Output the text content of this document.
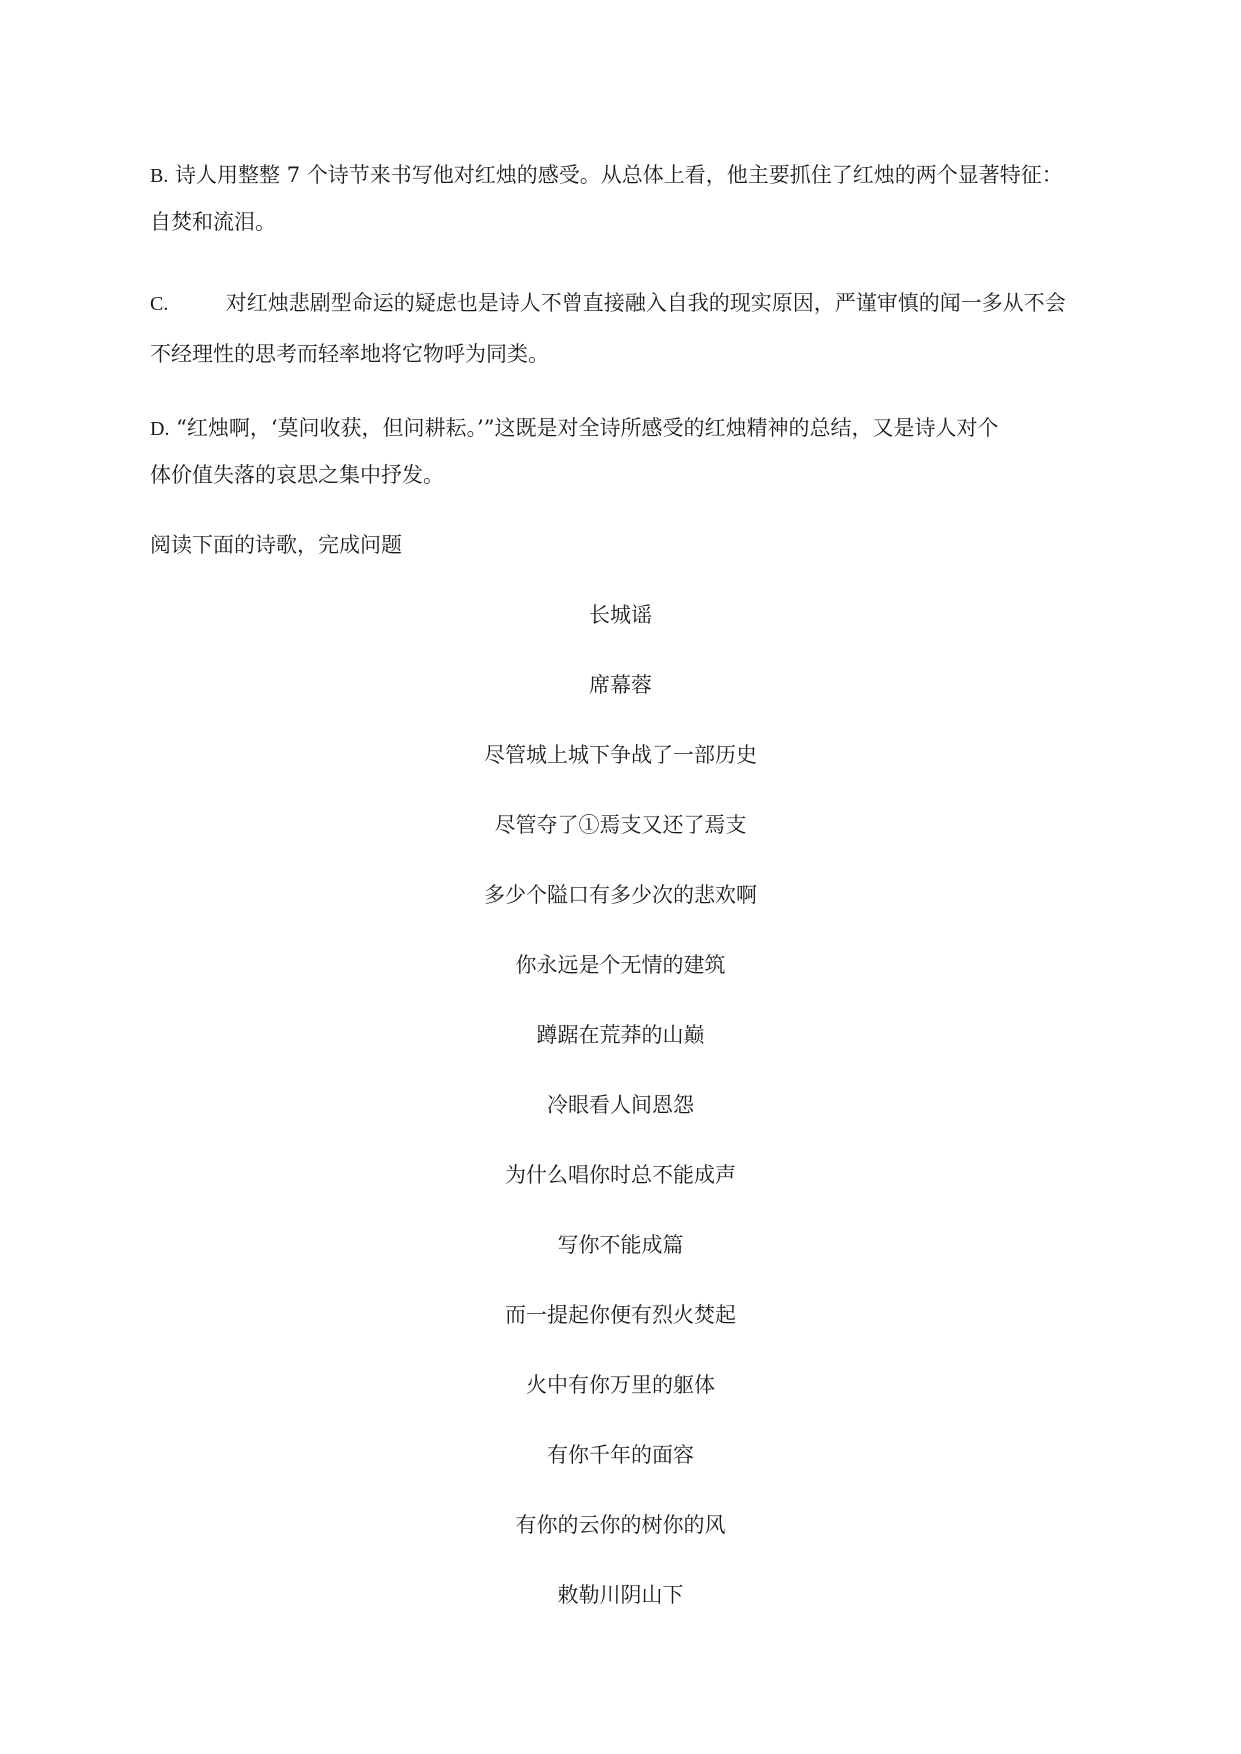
B. 诗人用整整 7 个诗节来书写他对红烛的感受。从总体上看，他主要抓住了红烛的两个显著特征：
自焚和流泪。
C.	对红烛悲剧型命运的疑虑也是诗人不曾直接融入自我的现实原因，严谨审慎的闻一多从不会
不经理性的思考而轻率地将它物呼为同类。
D. “红烛啊，‘莫问收获，但问耕耘。’”这既是对全诗所感受的红烛精神的总结，又是诗人对个
体价值失落的哀思之集中抒发。
阅读下面的诗歌，完成问题
长城谣
席幕蓉
尽管城上城下争战了一部历史
尽管夺了①焉支又还了焉支
多少个隘口有多少次的悲欢啊
你永远是个无情的建筑
蹲踞在荒莽的山巅
冷眼看人间恩怨
为什么唱你时总不能成声
写你不能成篇
而一提起你便有烈火焚起
火中有你万里的躯体
有你千年的面容
有你的云你的树你的风
敕勒川阴山下
